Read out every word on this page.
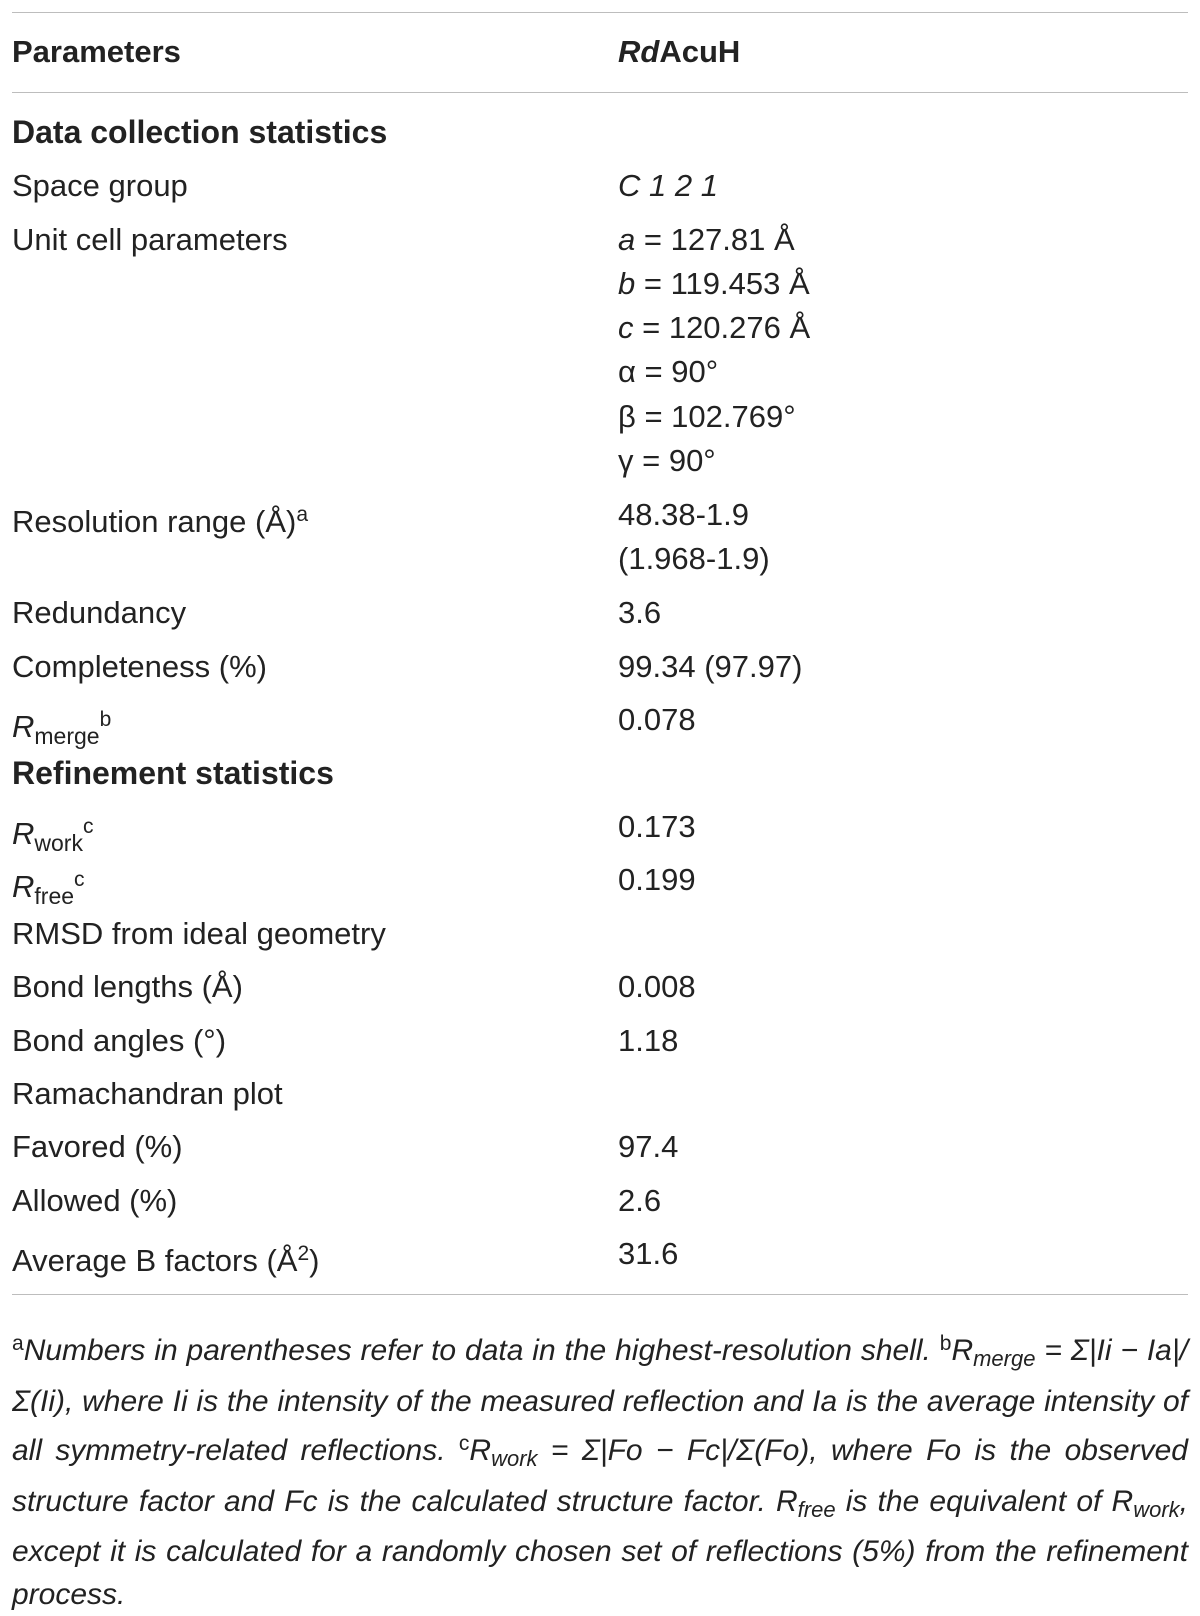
Parameters	RdAcuH
Data collection statistics
Space group	C 1 2 1
Unit cell parameters	a = 127.81 Å
b = 119.453 Å
c = 120.276 Å
α = 90°
β = 102.769°
γ = 90°
Resolution range (Å)$^a$	48.38-1.9
(1.968-1.9)
Redundancy	3.6
Completeness (%)	99.34 (97.97)
$R_{merge}^b$	0.078
Refinement statistics
$R_{work}^c$	0.173
$R_{free}^c$	0.199
RMSD from ideal geometry
Bond lengths (Å)	0.008
Bond angles (°)	1.18
Ramachandran plot
Favored (%)	97.4
Allowed (%)	2.6
Average B factors $(Å^2)$	31.6
$^a$Numbers in parentheses refer to data in the highest-resolution shell. $^bR_{merge} = \Sigma|Ii - Ia|/\Sigma(Ii)$, where Ii is the intensity of the measured reflection and Ia is the average intensity of all symmetry-related reflections. $^cR_{work} = \Sigma|Fo - Fc|/\Sigma(Fo)$, where Fo is the observed structure factor and Fc is the calculated structure factor. $R_{free}$ is the equivalent of $R_{work}$, except it is calculated for a randomly chosen set of reflections (5%) from the refinement process.
